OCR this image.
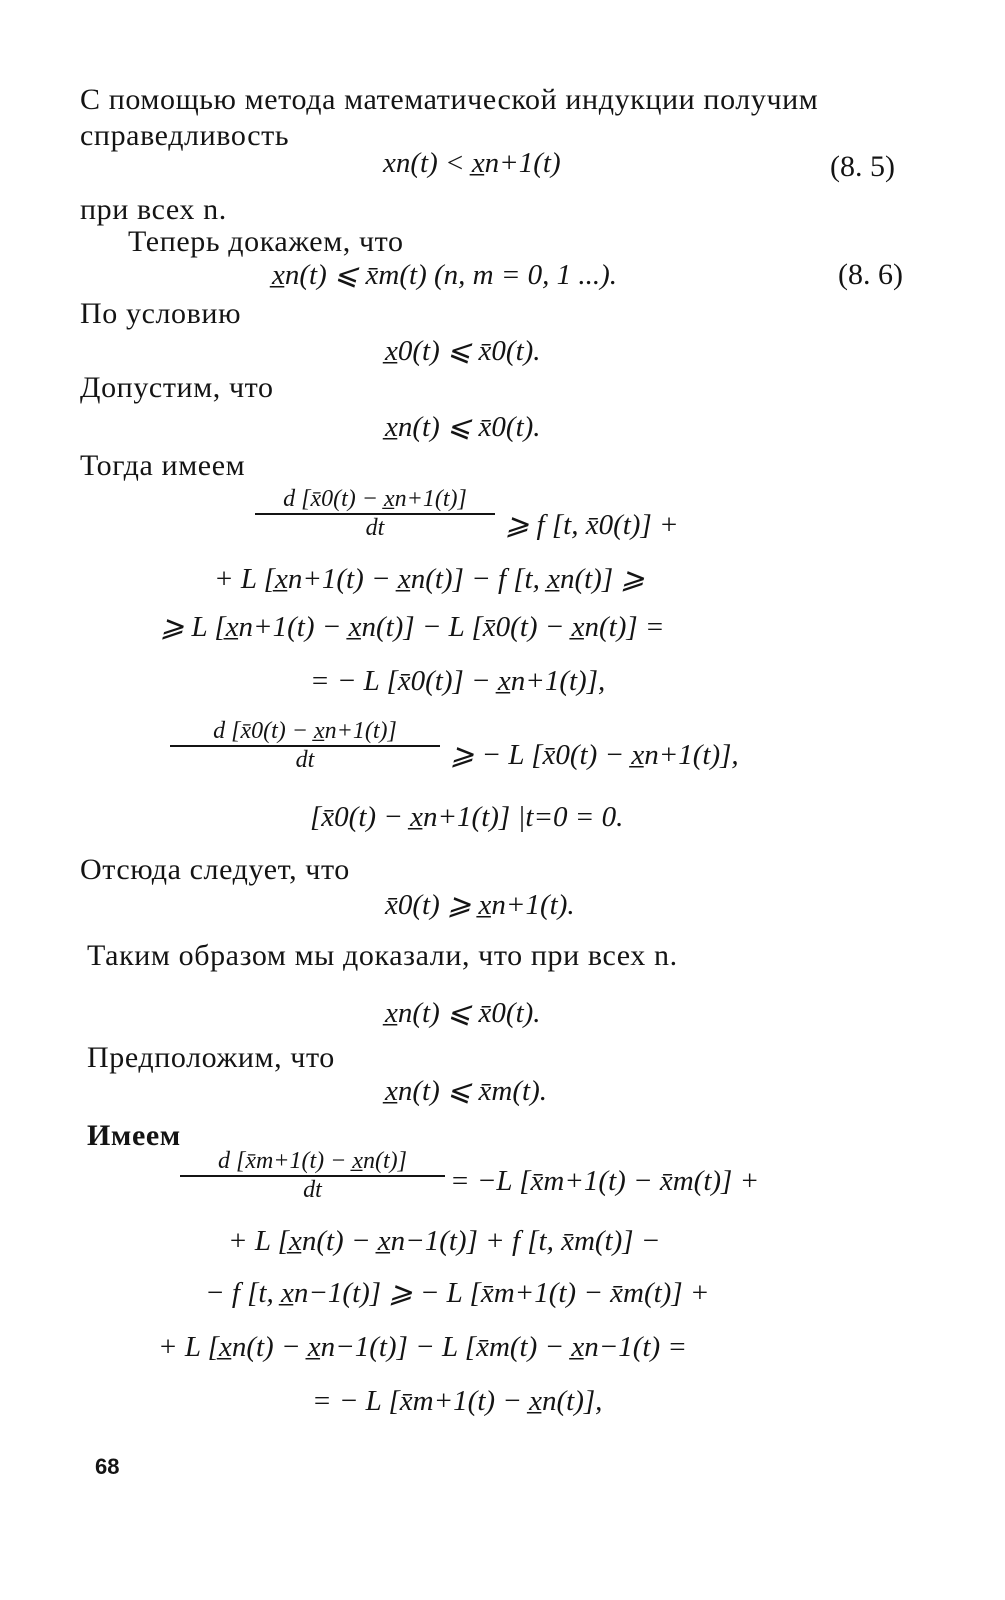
С помощью метода математической индукции получим
справедливость
xn(t) < x̲n+1(t)	(8. 5)
при всех n.
Теперь докажем, что
x̲n(t) ⩽ x̄m(t) (n, m = 0, 1 ...).	(8. 6)
По условию
x̲0(t) ⩽ x̄0(t).
Допустим, что
x̲n(t) ⩽ x̄0(t).
Тогда имеем
d [x̄0(t) − x̲n+1(t)]
dt	⩾ f [t, x̄0(t)] +
+ L [x̲n+1(t) − x̲n(t)] − f [t, x̲n(t)] ⩾
⩾ L [x̲n+1(t) − x̲n(t)] − L [x̄0(t) − x̲n(t)] =
= − L [x̄0(t)] − x̲n+1(t)],
d [x̄0(t) − x̲n+1(t)]
dt	⩾ − L [x̄0(t) − x̲n+1(t)],
[x̄0(t) − x̲n+1(t)] |t=0 = 0.
Отсюда следует, что
x̄0(t) ⩾ x̲n+1(t).
Таким образом мы доказали, что при всех n.
x̲n(t) ⩽ x̄0(t).
Предположим, что
x̲n(t) ⩽ x̄m(t).
Имеем
d [x̄m+1(t) − x̲n(t)]
dt	= −L [x̄m+1(t) − x̄m(t)] +
+ L [x̲n(t) − x̲n−1(t)] + f [t, x̄m(t)] −
− f [t, x̲n−1(t)] ⩾ − L [x̄m+1(t) − x̄m(t)] +
+ L [x̲n(t) − x̲n−1(t)] − L [x̄m(t) − x̲n−1(t) =
= − L [x̄m+1(t) − x̲n(t)],
68
